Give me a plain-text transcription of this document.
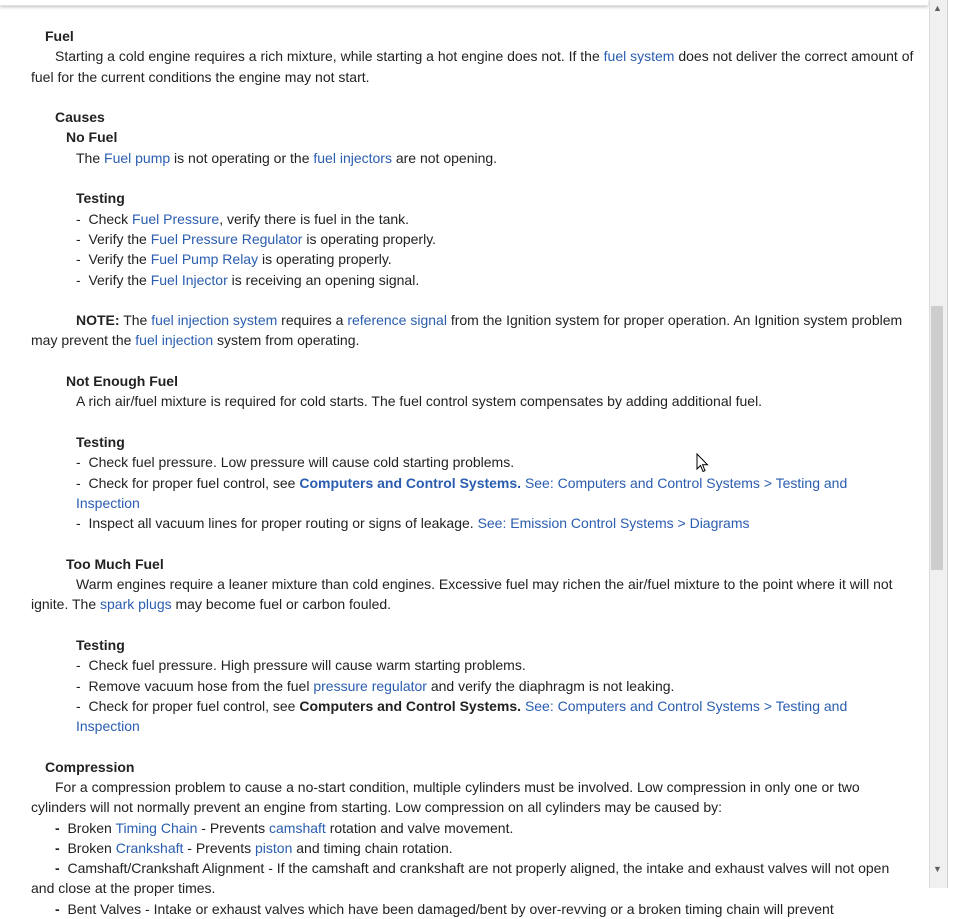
Fuel

Starting a cold engine requires a rich mixture, while starting a hot engine does not. If the fuel system does not deliver the correct amount of fuel for the current conditions the engine may not start.

Causes

No Fuel

The Fuel pump is not operating or the fuel injectors are not opening.

Testing

- Check Fuel Pressure, verify there is fuel in the tank.

- Verify the Fuel Pressure Regulator is operating properly.

- Verify the Fuel Pump Relay is operating properly.

- Verify the Fuel Injector is receiving an opening signal.

NOTE: The fuel injection system requires a reference signal from the Ignition system for proper operation. An Ignition system problem may prevent the fuel injection system from operating.

Not Enough Fuel

A rich air/fuel mixture is required for cold starts. The fuel control system compensates by adding additional fuel.

Testing

- Check fuel pressure. Low pressure will cause cold starting problems.

- Check for proper fuel control, see Computers and Control Systems. See: Computers and Control Systems > Testing and Inspection

- Inspect all vacuum lines for proper routing or signs of leakage. See: Emission Control Systems > Diagrams

Too Much Fuel

Warm engines require a leaner mixture than cold engines. Excessive fuel may richen the air/fuel mixture to the point where it will not ignite. The spark plugs may become fuel or carbon fouled.

Testing

- Check fuel pressure. High pressure will cause warm starting problems.

- Remove vacuum hose from the fuel pressure regulator and verify the diaphragm is not leaking.

- Check for proper fuel control, see Computers and Control Systems. See: Computers and Control Systems > Testing and Inspection

Compression

For a compression problem to cause a no-start condition, multiple cylinders must be involved. Low compression in only one or two cylinders will not normally prevent an engine from starting. Low compression on all cylinders may be caused by:

- Broken Timing Chain - Prevents camshaft rotation and valve movement.

- Broken Crankshaft - Prevents piston and timing chain rotation.

- Camshaft/Crankshaft Alignment - If the camshaft and crankshaft are not properly aligned, the intake and exhaust valves will not open and close at the proper times.

- Bent Valves - Intake or exhaust valves which have been damaged/bent by over-revving or a broken timing chain will prevent

▲
▼
